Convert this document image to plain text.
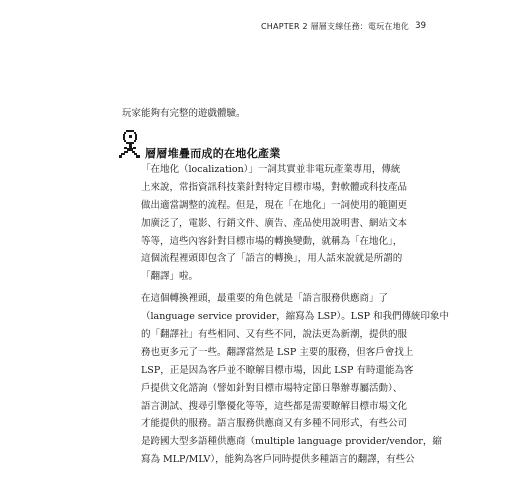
CHAPTER 2 層層支線任務：電玩在地化 39
玩家能夠有完整的遊戲體驗。
層層堆疊而成的在地化產業
「在地化（localization）」一詞其實並非電玩產業專用，傳統
上來說，常指資訊科技業針對特定目標市場，對軟體或科技產品
做出適當調整的流程。但是，現在「在地化」一詞使用的範圍更
加廣泛了，電影、行銷文件、廣告、產品使用說明書、網站文本
等等，這些內容針對目標市場的轉換變動，就稱為「在地化」，
這個流程裡頭即包含了「語言的轉換」，用人話來說就是所謂的
「翻譯」啦。
在這個轉換裡頭，最重要的角色就是「語言服務供應商」了
（language service provider，縮寫為 LSP）。LSP 和我們傳統印象中
的「翻譯社」有些相同、又有些不同，說法更為新潮，提供的服
務也更多元了一些。翻譯當然是 LSP 主要的服務，但客戶會找上
LSP，正是因為客戶並不瞭解目標市場，因此 LSP 有時還能為客
戶提供文化諮詢（譬如針對目標市場特定節日舉辦專屬活動）、
語言測試、搜尋引擎優化等等，這些都是需要瞭解目標市場文化
才能提供的服務。語言服務供應商又有多種不同形式，有些公司
是跨國大型多語種供應商（multiple language provider/vendor，縮
寫為 MLP/MLV），能夠為客戶同時提供多種語言的翻譯，有些公
